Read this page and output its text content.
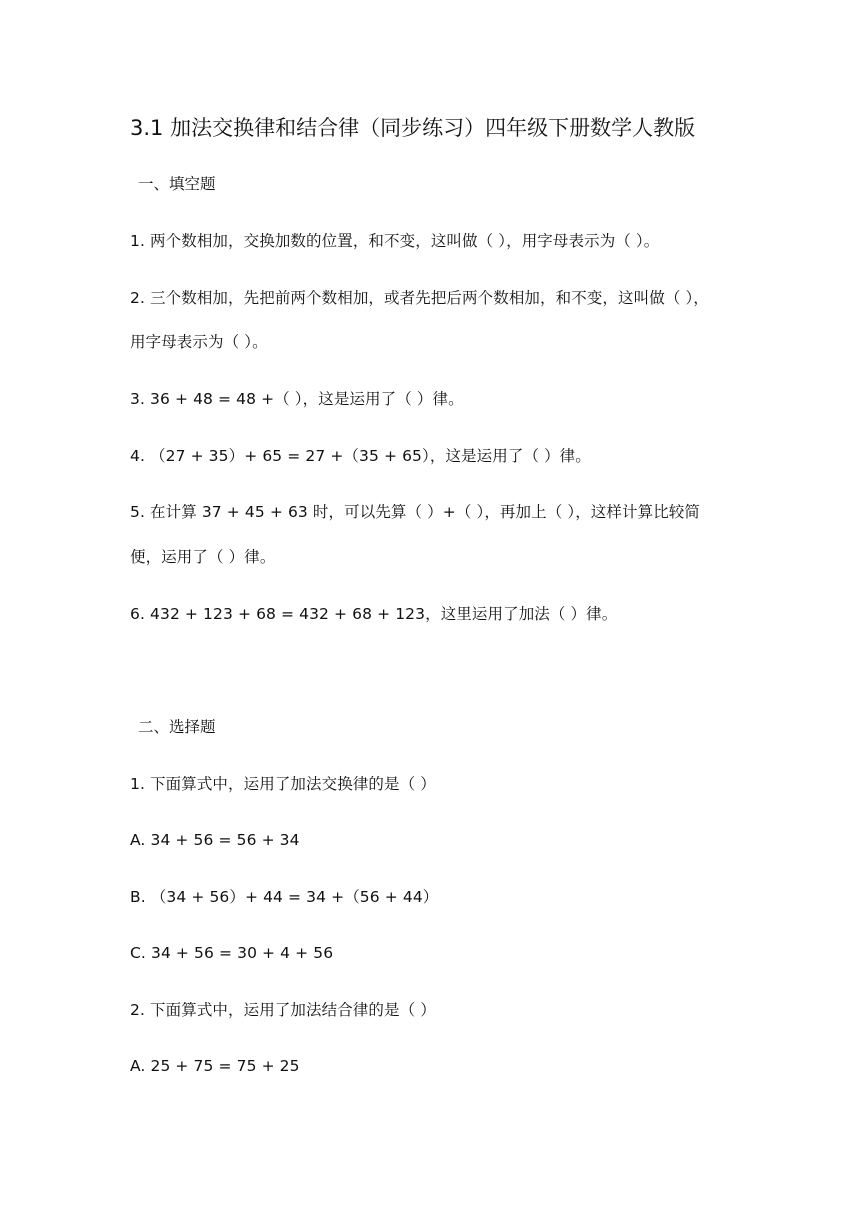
3.1 加法交换律和结合律（同步练习）四年级下册数学人教版
一、填空题
1. 两个数相加，交换加数的位置，和不变，这叫做（ ），用字母表示为（ ）。
2. 三个数相加，先把前两个数相加，或者先把后两个数相加，和不变，这叫做（ ），
用字母表示为（ ）。
3. 36 + 48 = 48 +（ ），这是运用了（ ）律。
4. （27 + 35）+ 65 = 27 +（35 + 65），这是运用了（ ）律。
5. 在计算 37 + 45 + 63 时，可以先算（ ）+（ ），再加上（ ），这样计算比较简
便，运用了（ ）律。
6. 432 + 123 + 68 = 432 + 68 + 123，这里运用了加法（ ）律。
二、选择题
1. 下面算式中，运用了加法交换律的是（ ）
A. 34 + 56 = 56 + 34
B. （34 + 56）+ 44 = 34 +（56 + 44）
C. 34 + 56 = 30 + 4 + 56
2. 下面算式中，运用了加法结合律的是（ ）
A. 25 + 75 = 75 + 25
